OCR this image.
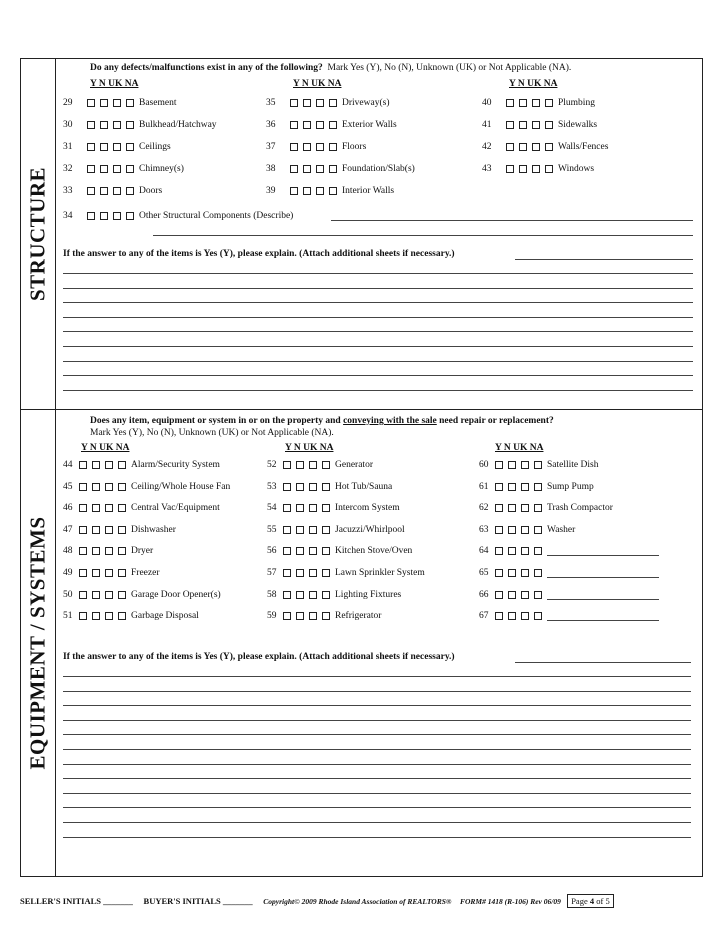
STRUCTURE
Do any defects/malfunctions exist in any of the following? Mark Yes (Y), No (N), Unknown (UK) or Not Applicable (NA).
Y N UK NA	Y N UK NA	Y N UK NA
29	Basement
30	Bulkhead/Hatchway
31	Ceilings
32	Chimney(s)
33	Doors
35	Driveway(s)
36	Exterior Walls
37	Floors
38	Foundation/Slab(s)
39	Interior Walls
40	Plumbing
41	Sidewalks
42	Walls/Fences
43	Windows
34	Other Structural Components (Describe)
If the answer to any of the items is Yes (Y), please explain. (Attach additional sheets if necessary.)
EQUIPMENT / SYSTEMS
Does any item, equipment or system in or on the property and conveying with the sale need repair or replacement?
Mark Yes (Y), No (N), Unknown (UK) or Not Applicable (NA).
Y N UK NA	Y N UK NA	Y N UK NA
44	Alarm/Security System
45	Ceiling/Whole House Fan
46	Central Vac/Equipment
47	Dishwasher
48	Dryer
49	Freezer
50	Garage Door Opener(s)
51	Garbage Disposal
52	Generator
53	Hot Tub/Sauna
54	Intercom System
55	Jacuzzi/Whirlpool
56	Kitchen Stove/Oven
57	Lawn Sprinkler System
58	Lighting Fixtures
59	Refrigerator
60	Satellite Dish
61	Sump Pump
62	Trash Compactor
63	Washer
64
65
66
67
If the answer to any of the items is Yes (Y), please explain. (Attach additional sheets if necessary.)
SELLER'S INITIALS _______ BUYER'S INITIALS _______ Copyright© 2009 Rhode Island Association of REALTORS® FORM# 1418 (R-106) Rev 06/09 Page 4 of 5
